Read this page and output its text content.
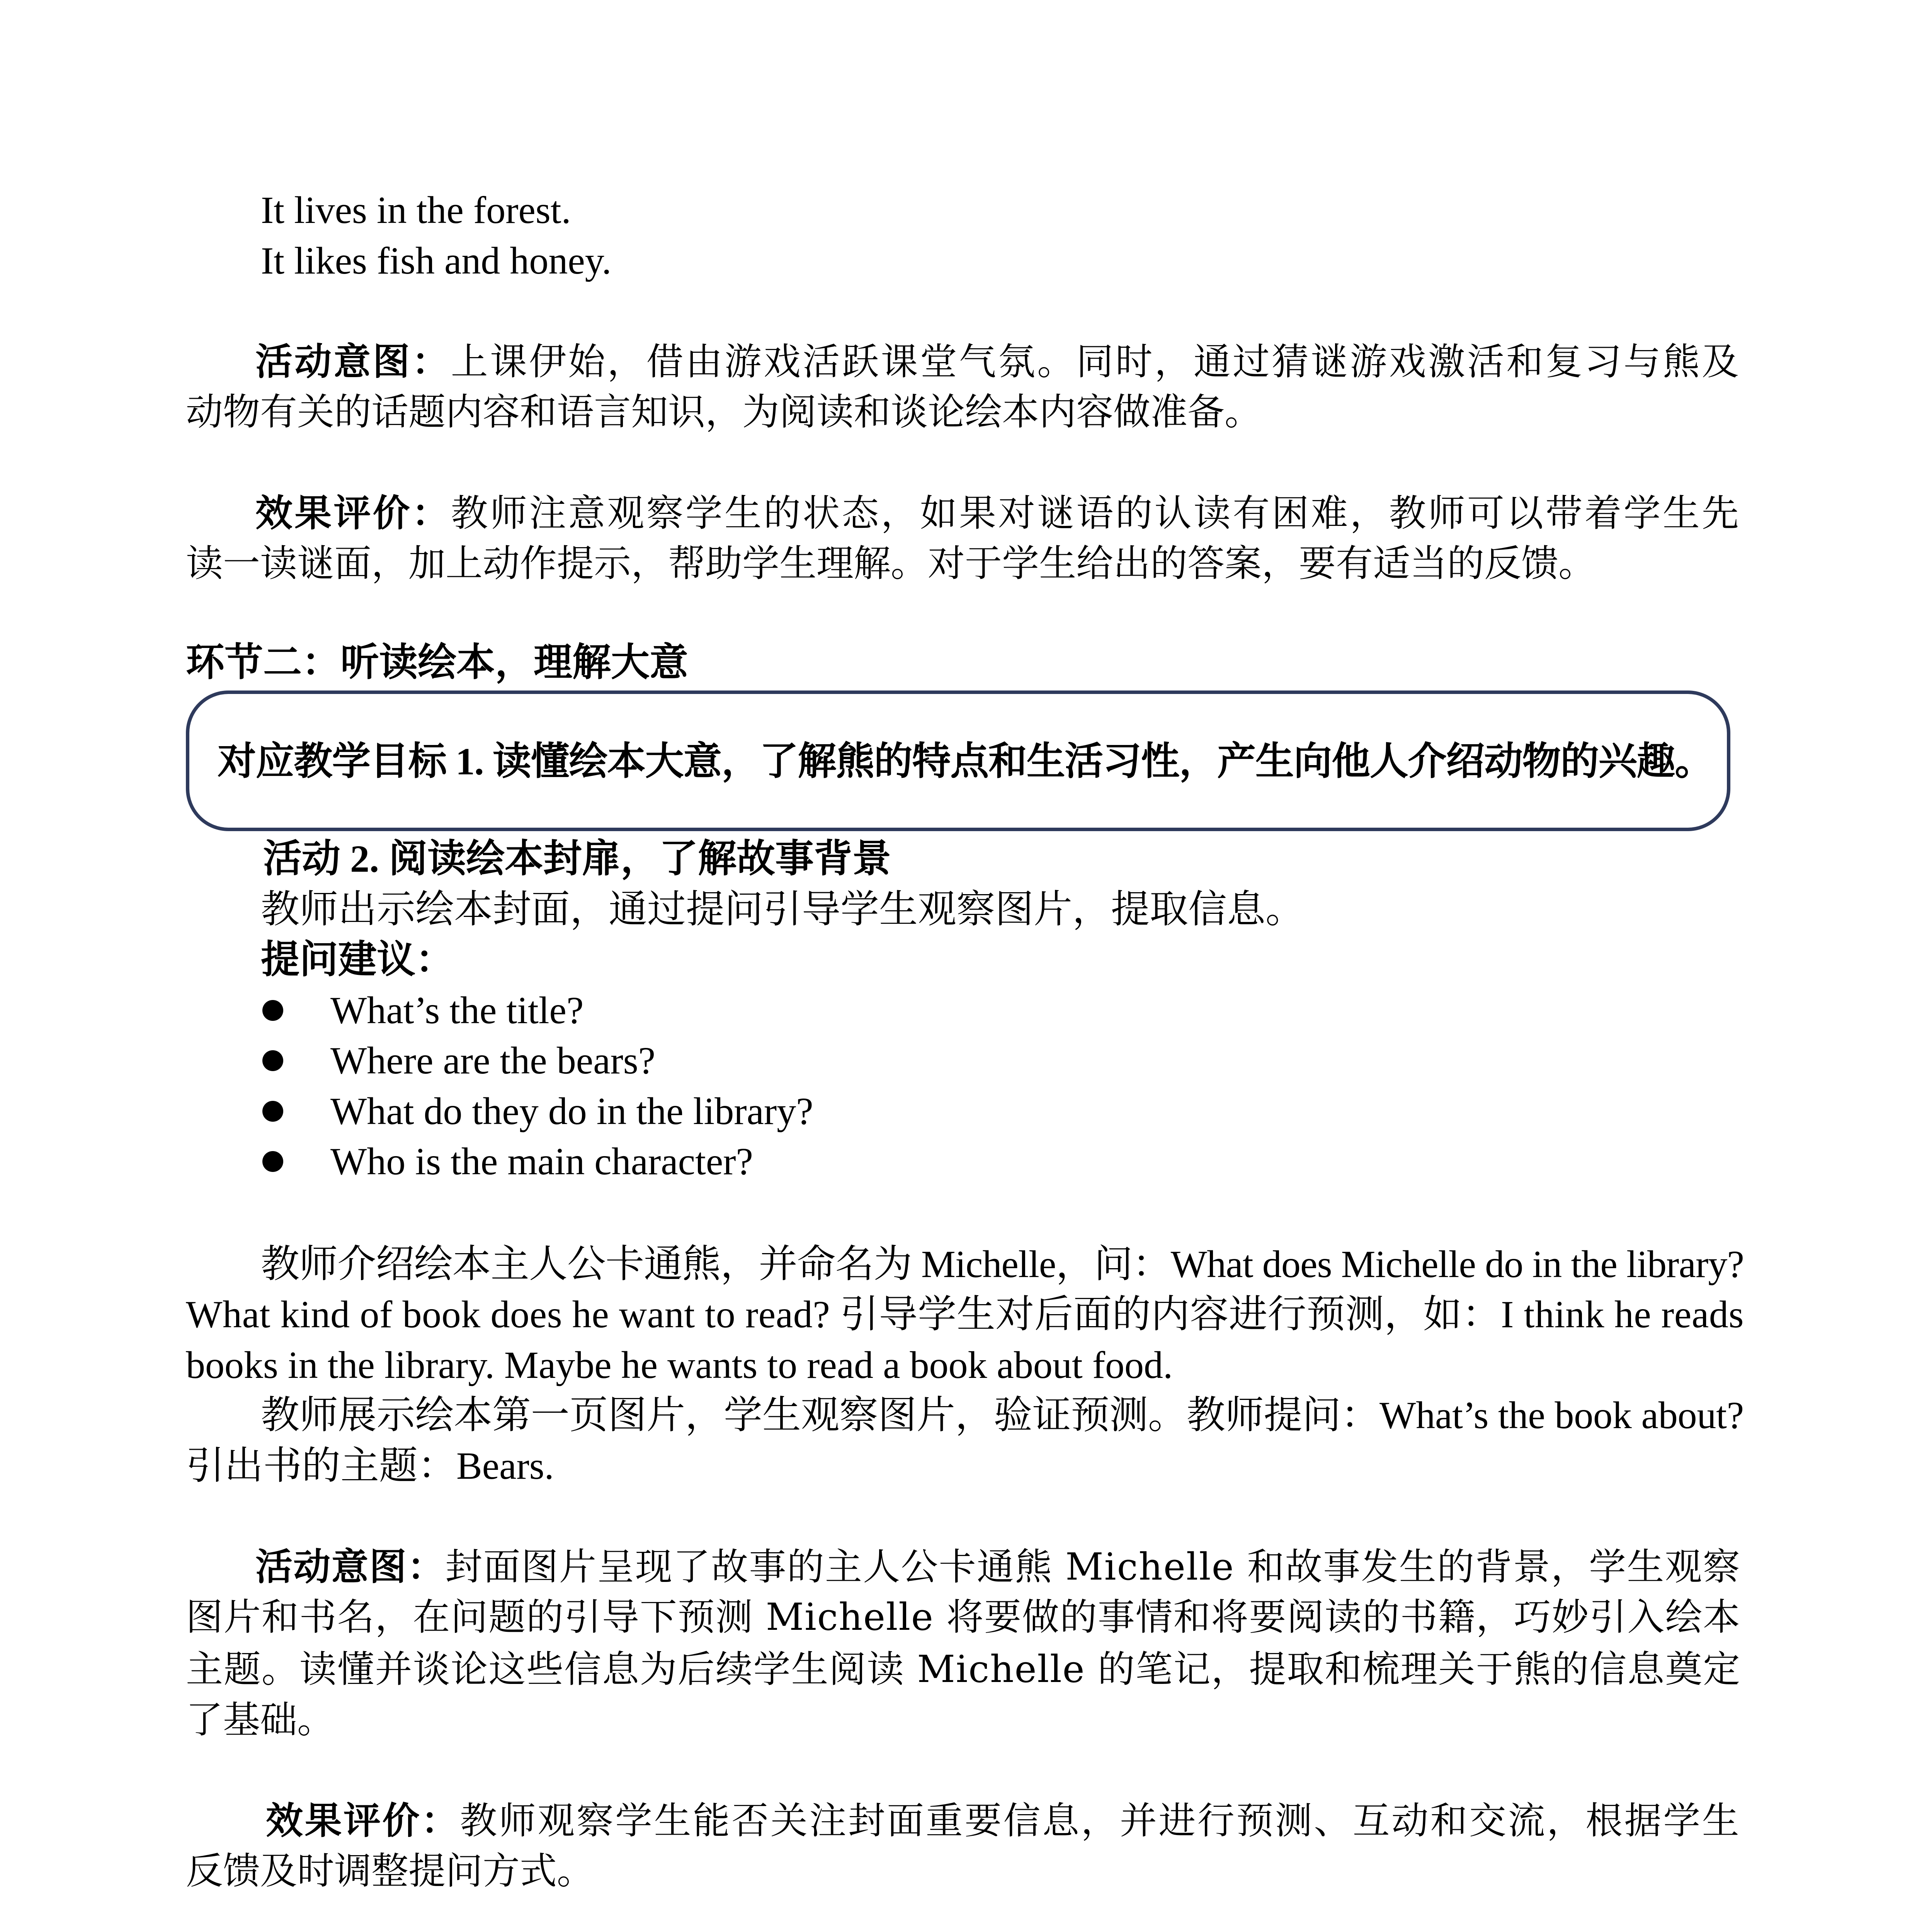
It lives in the forest.
It likes fish and honey.
活动意图：上课伊始，借由游戏活跃课堂气氛。同时，通过猜谜游戏激活和复习与熊及
动物有关的话题内容和语言知识，为阅读和谈论绘本内容做准备。
效果评价：教师注意观察学生的状态，如果对谜语的认读有困难，教师可以带着学生先
读一读谜面，加上动作提示，帮助学生理解。对于学生给出的答案，要有适当的反馈。
环节二：听读绘本，理解大意
对应教学目标 1. 读懂绘本大意，了解熊的特点和生活习性，产生向他人介绍动物的兴趣。
活动 2. 阅读绘本封扉，了解故事背景
教师出示绘本封面，通过提问引导学生观察图片，提取信息。
提问建议：
What’s the title?
Where are the bears?
What do they do in the library?
Who is the main character?
教师介绍绘本主人公卡通熊，并命名为 Michelle，问：What does Michelle do in the library?
What kind of book does he want to read? 引导学生对后面的内容进行预测，如：I think he reads
books in the library. Maybe he wants to read a book about food.
教师展示绘本第一页图片，学生观察图片，验证预测。教师提问：What’s the book about?
引出书的主题：Bears.
活动意图：封面图片呈现了故事的主人公卡通熊 Michelle 和故事发生的背景，学生观察
图片和书名，在问题的引导下预测 Michelle 将要做的事情和将要阅读的书籍，巧妙引入绘本
主题。读懂并谈论这些信息为后续学生阅读 Michelle 的笔记，提取和梳理关于熊的信息奠定
了基础。
效果评价：教师观察学生能否关注封面重要信息，并进行预测、互动和交流，根据学生
反馈及时调整提问方式。
